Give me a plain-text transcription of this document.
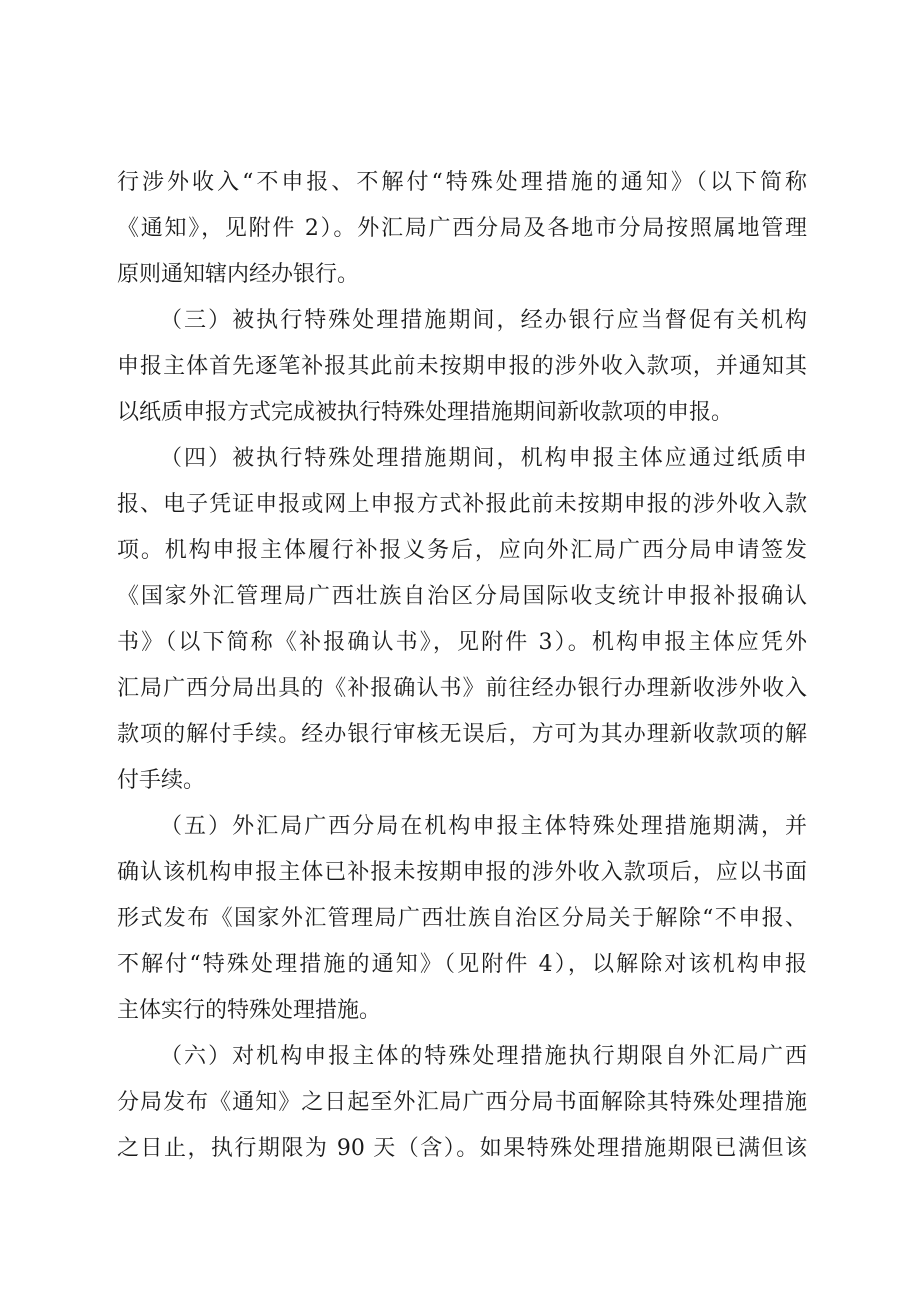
行涉外收入“不申报、不解付“特殊处理措施的通知》（以下简称
《通知》，见附件 2）。外汇局广西分局及各地市分局按照属地管理
原则通知辖内经办银行。
（三）被执行特殊处理措施期间，经办银行应当督促有关机构
申报主体首先逐笔补报其此前未按期申报的涉外收入款项，并通知其
以纸质申报方式完成被执行特殊处理措施期间新收款项的申报。
（四）被执行特殊处理措施期间，机构申报主体应通过纸质申
报、电子凭证申报或网上申报方式补报此前未按期申报的涉外收入款
项。机构申报主体履行补报义务后，应向外汇局广西分局申请签发
《国家外汇管理局广西壮族自治区分局国际收支统计申报补报确认
书》（以下简称《补报确认书》，见附件 3）。机构申报主体应凭外
汇局广西分局出具的《补报确认书》前往经办银行办理新收涉外收入
款项的解付手续。经办银行审核无误后，方可为其办理新收款项的解
付手续。
（五）外汇局广西分局在机构申报主体特殊处理措施期满，并
确认该机构申报主体已补报未按期申报的涉外收入款项后，应以书面
形式发布《国家外汇管理局广西壮族自治区分局关于解除“不申报、
不解付“特殊处理措施的通知》（见附件 4），以解除对该机构申报
主体实行的特殊处理措施。
（六）对机构申报主体的特殊处理措施执行期限自外汇局广西
分局发布《通知》之日起至外汇局广西分局书面解除其特殊处理措施
之日止，执行期限为 90 天（含）。如果特殊处理措施期限已满但该
